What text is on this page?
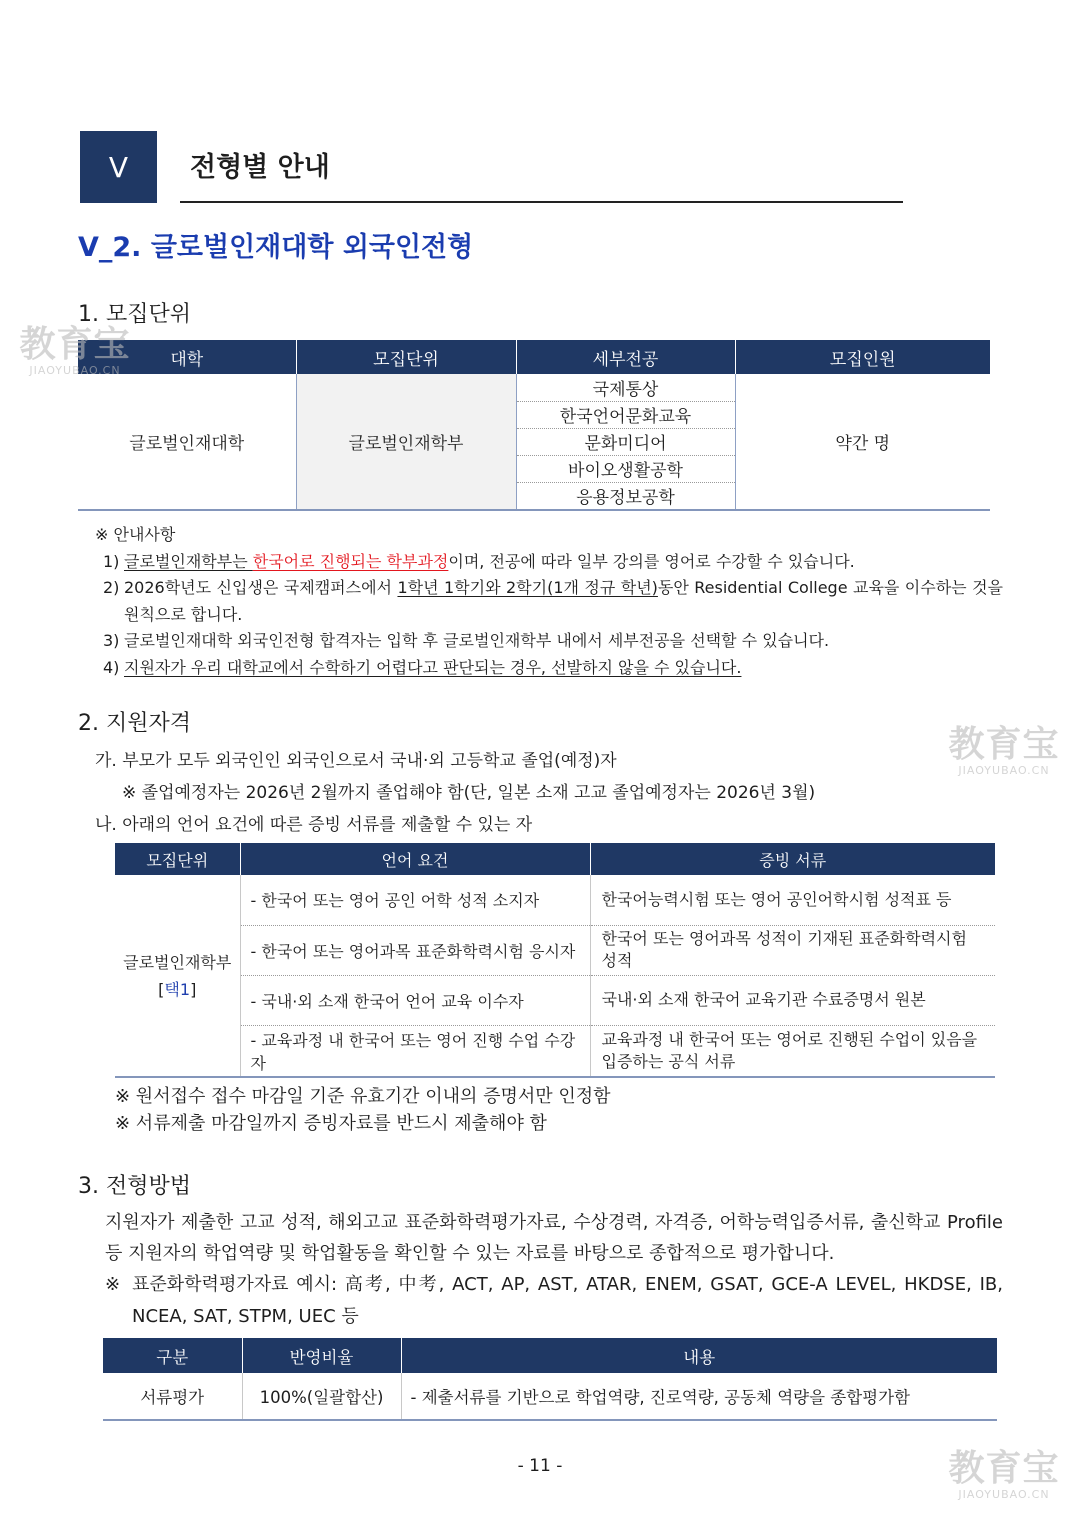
V 전형별 안내
V_2. 글로벌인재대학 외국인전형
1. 모집단위
대학	모집단위	세부전공	모집인원
글로벌인재대학	글로벌인재학부	국제통상	약간 명
		한국언어문화교육	
		문화미디어	
		바이오생활공학	
		응용정보공학	
※ 안내사항
1) 글로벌인재학부는 한국어로 진행되는 학부과정이며, 전공에 따라 일부 강의를 영어로 수강할 수 있습니다.
2) 2026학년도 신입생은 국제캠퍼스에서 1학년 1학기와 2학기(1개 정규 학년)동안 Residential College 교육을 이수하는 것을 원칙으로 합니다.
3) 글로벌인재대학 외국인전형 합격자는 입학 후 글로벌인재학부 내에서 세부전공을 선택할 수 있습니다.
4) 지원자가 우리 대학교에서 수학하기 어렵다고 판단되는 경우, 선발하지 않을 수 있습니다.
2. 지원자격
가. 부모가 모두 외국인인 외국인으로서 국내·외 고등학교 졸업(예정)자
※ 졸업예정자는 2026년 2월까지 졸업해야 함(단, 일본 소재 고교 졸업예정자는 2026년 3월)
나. 아래의 언어 요건에 따른 증빙 서류를 제출할 수 있는 자
모집단위	언어 요건	증빙 서류

글로벌인재학부
[택1]	- 한국어 또는 영어 공인 어학 성적 소지자	한국어능력시험 또는 영어 공인어학시험 성적표 등
	- 한국어 또는 영어과목 표준화학력시험 응시자	한국어 또는 영어과목 성적이 기재된 표준화학력시험 성적
	- 국내·외 소재 한국어 언어 교육 이수자	국내·외 소재 한국어 교육기관 수료증명서 원본
	- 교육과정 내 한국어 또는 영어 진행 수업 수강자	교육과정 내 한국어 또는 영어로 진행된 수업이 있음을 입증하는 공식 서류
※ 원서접수 접수 마감일 기준 유효기간 이내의 증명서만 인정함
※ 서류제출 마감일까지 증빙자료를 반드시 제출해야 함
3. 전형방법
지원자가 제출한 고교 성적, 해외고교 표준화학력평가자료, 수상경력, 자격증, 어학능력입증서류, 출신학교 Profile 등 지원자의 학업역량 및 학업활동을 확인할 수 있는 자료를 바탕으로 종합적으로 평가합니다.
※ 표준화학력평가자료 예시: 高考, 中考, ACT, AP, AST, ATAR, ENEM, GSAT, GCE-A LEVEL, HKDSE, IB, NCEA, SAT, STPM, UEC 등
구분	반영비율	내용
서류평가	100%(일괄합산)	- 제출서류를 기반으로 학업역량, 진로역량, 공동체 역량을 종합평가함
- 11 -
教育宝
JIAOYUBAO.CN
教育宝
JIAOYUBAO.CN
教育宝
JIAOYUBAO.CN
